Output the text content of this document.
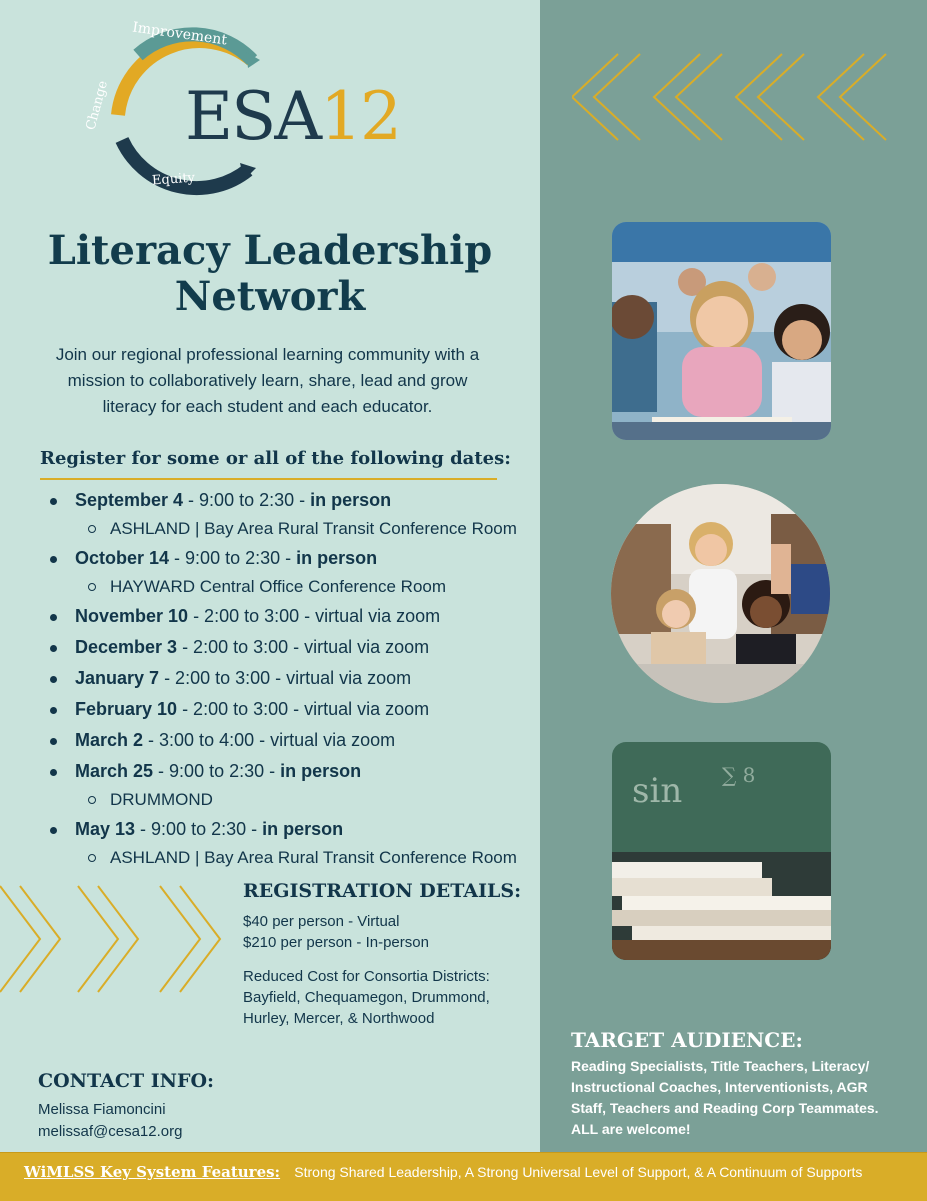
Improvement
Change
Equity
ESA12
Literacy Leadership
Network
Join our regional professional learning community with a mission to collaboratively learn, share, lead and grow literacy for each student and each educator.
Register for some or all of the following dates:
September 4 - 9:00 to 2:30 - in person
ASHLAND | Bay Area Rural Transit Conference Room
October 14 - 9:00 to 2:30 - in person
HAYWARD Central Office Conference Room
November 10 - 2:00 to 3:00 - virtual via zoom
December 3 - 2:00 to 3:00 - virtual via zoom
January 7 - 2:00 to 3:00 - virtual via zoom
February 10 - 2:00 to 3:00 - virtual via zoom
March 2 - 3:00 to 4:00 - virtual via zoom
March 25 - 9:00 to 2:30 - in person
DRUMMOND
May 13 - 9:00 to 2:30 - in person
ASHLAND | Bay Area Rural Transit Conference Room
REGISTRATION DETAILS:
$40 per person - Virtual
$210 per person - In-person
Reduced Cost for Consortia Districts:
Bayfield, Chequamegon, Drummond,
Hurley, Mercer, & Northwood
CONTACT INFO:
Melissa Fiamoncini
melissaf@cesa12.org
sin ∑ 8
TARGET AUDIENCE:
Reading Specialists, Title Teachers, Literacy/ Instructional Coaches, Interventionists, AGR Staff, Teachers and Reading Corp Teammates. ALL are welcome!
WiMLSS Key System Features: Strong Shared Leadership, A Strong Universal Level of Support, & A Continuum of Supports
